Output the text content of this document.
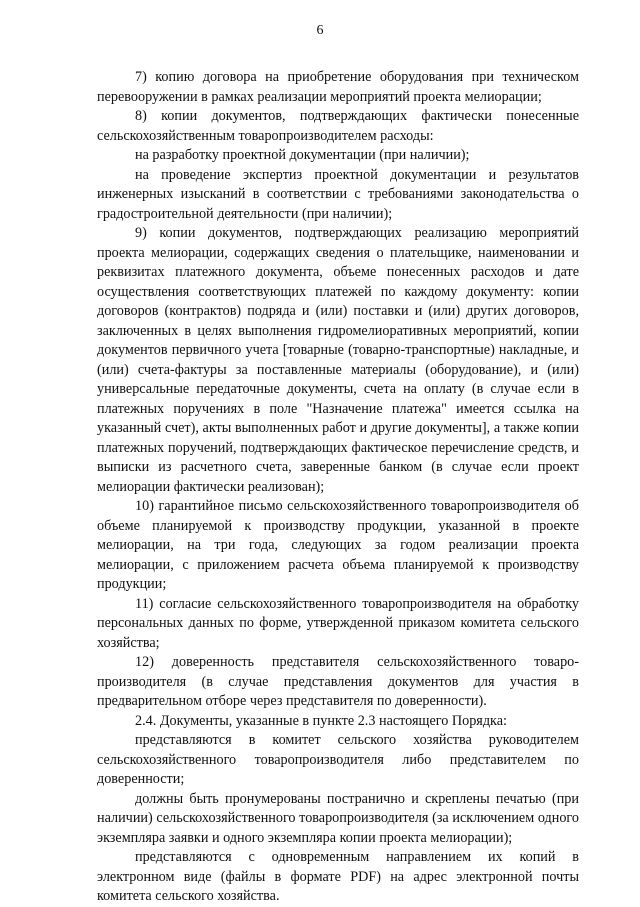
6

7) копию договора на приобретение оборудования при техническом перевооружении в рамках реализации мероприятий проекта мелиорации;

8) копии документов, подтверждающих фактически понесенные сельскохозяйственным товаропроизводителем расходы:

на разработку проектной документации (при наличии);

на проведение экспертиз проектной документации и результатов инженерных изысканий в соответствии с требованиями законодательства о градостроительной деятельности (при наличии);

9) копии документов, подтверждающих реализацию мероприятий проекта мелиорации, содержащих сведения о плательщике, наименовании и реквизитах платежного документа, объеме понесенных расходов и дате осуществления соответствующих платежей по каждому документу: копии договоров (контрактов) подряда и (или) поставки и (или) других договоров, заключенных в целях выполнения гидромелиоративных мероприятий, копии документов первичного учета [товарные (товарно-транспортные) накладные, и (или) счета-фактуры за поставленные материалы (оборудование), и (или) универсальные передаточные документы, счета на оплату (в случае если в платежных поручениях в поле "Назначение платежа" имеется ссылка на указанный счет), акты выполненных работ и другие документы], а также копии платежных поручений, подтверждающих фактическое перечисление средств, и выписки из расчетного счета, заверенные банком (в случае если проект мелиорации фактически реализован);

10) гарантийное письмо сельскохозяйственного товаропроизводителя об объеме планируемой к производству продукции, указанной в проекте мелиорации, на три года, следующих за годом реализации проекта мелиорации, с приложением расчета объема планируемой к производству продукции;

11) согласие сельскохозяйственного товаропроизводителя на обработку персональных данных по форме, утвержденной приказом комитета сельского хозяйства;

12) доверенность представителя сельскохозяйственного товаро-производителя (в случае представления документов для участия в предварительном отборе через представителя по доверенности).

2.4. Документы, указанные в пункте 2.3 настоящего Порядка:

представляются в комитет сельского хозяйства руководителем сельскохозяйственного товаропроизводителя либо представителем по доверенности;

должны быть пронумерованы постранично и скреплены печатью (при наличии) сельскохозяйственного товаропроизводителя (за исключением одного экземпляра заявки и одного экземпляра копии проекта мелиорации);

представляются с одновременным направлением их копий в электронном виде (файлы в формате PDF) на адрес электронной почты комитета сельского хозяйства.
